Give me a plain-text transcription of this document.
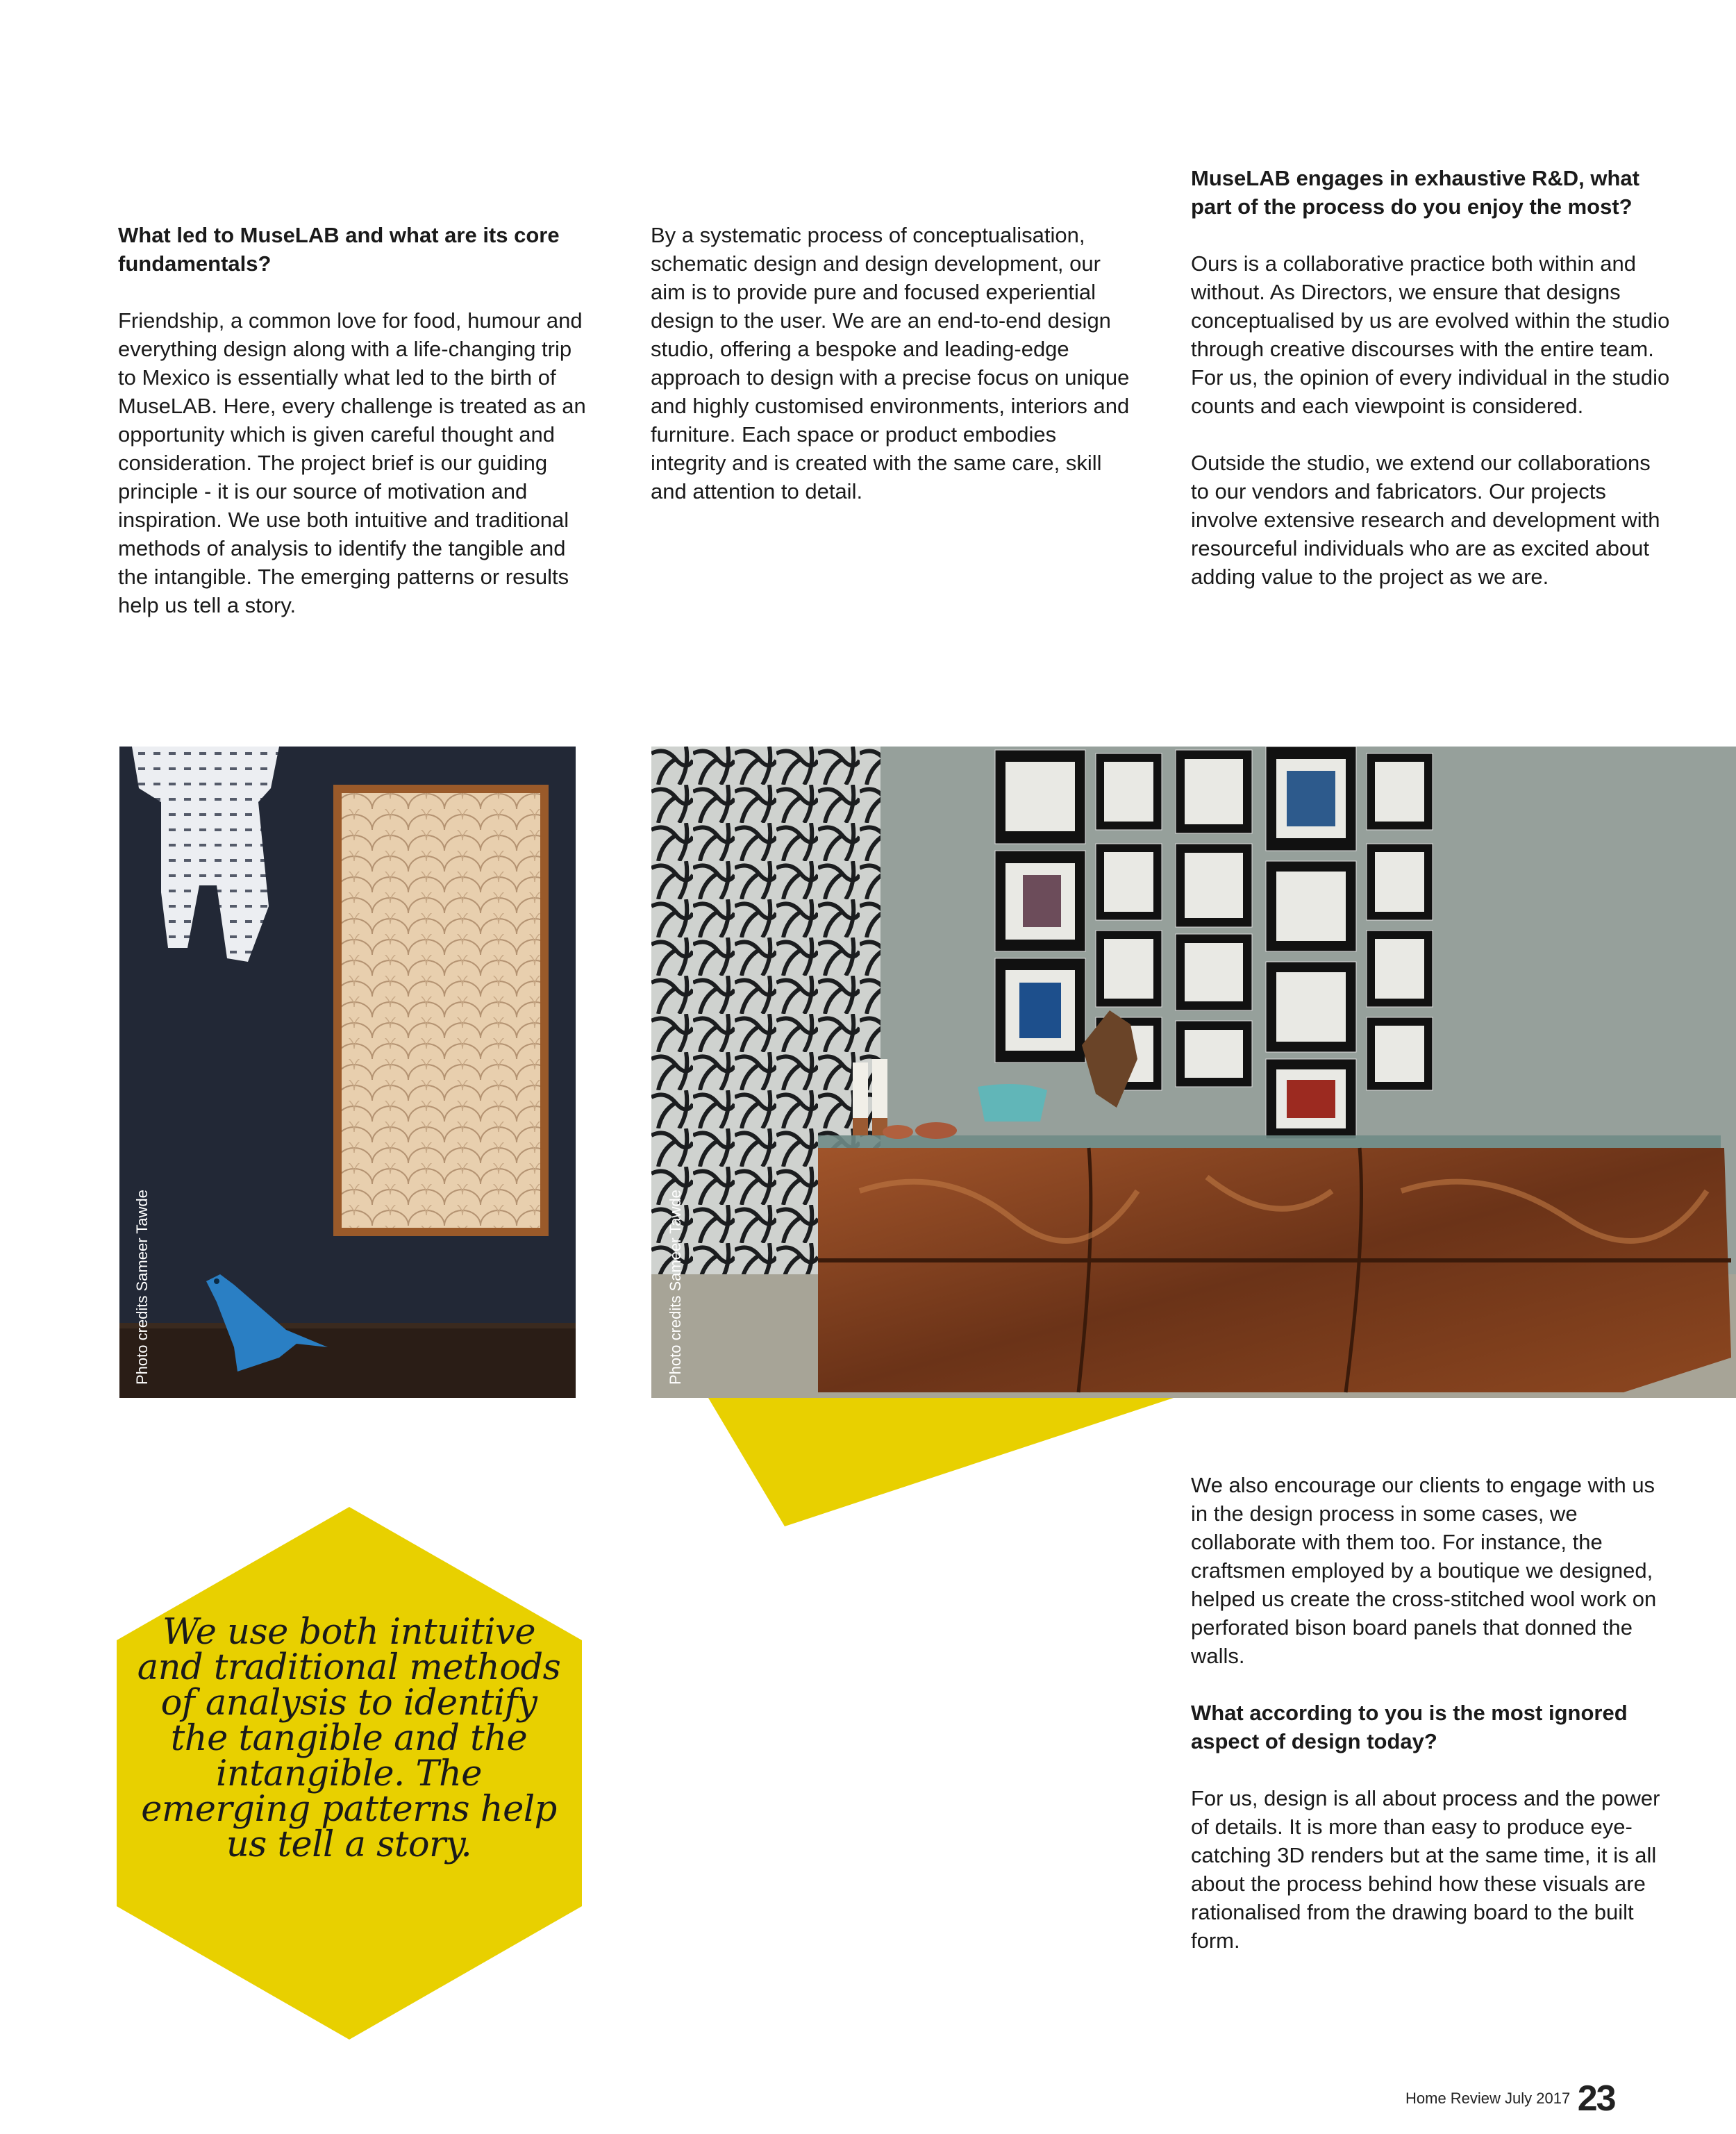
What led to MuseLAB and what are its core fundamentals?

Friendship, a common love for food, humour and everything design along with a life-changing trip to Mexico is essentially what led to the birth of MuseLAB. Here, every challenge is treated as an opportunity which is given careful thought and consideration. The project brief is our guiding principle - it is our source of motivation and inspiration. We use both intuitive and traditional methods of analysis to identify the tangible and the intangible. The emerging patterns or results help us tell a story.

By a systematic process of conceptualisation, schematic design and design development, our aim is to provide pure and focused experiential design to the user. We are an end-to-end design studio, offering a bespoke and leading-edge approach to design with a precise focus on unique and highly customised environments, interiors and furniture. Each space or product embodies integrity and is created with the same care, skill and attention to detail.

MuseLAB engages in exhaustive R&D, what part of the process do you enjoy the most?

Ours is a collaborative practice both within and without. As Directors, we ensure that designs conceptualised by us are evolved within the studio through creative discourses with the entire team. For us, the opinion of every individual in the studio counts and each viewpoint is considered.

Outside the studio, we extend our collaborations to our vendors and fabricators. Our projects involve extensive research and development with resourceful individuals who are as excited about adding value to the project as we are.

Photo credits Sameer Tawde	Photo credits Sameer Tawde
We use both intuitive and traditional methods of analysis to identify the tangible and the intangible. The emerging patterns help us tell a story.

We also encourage our clients to engage with us in the design process in some cases, we collaborate with them too. For instance, the craftsmen employed by a boutique we designed, helped us create the cross-stitched wool work on perforated bison board panels that donned the walls.

What according to you is the most ignored aspect of design today?

For us, design is all about process and the power of details. It is more than easy to produce eye-catching 3D renders but at the same time, it is all about the process behind how these visuals are rationalised from the drawing board to the built form.

Home Review July 2017 23
